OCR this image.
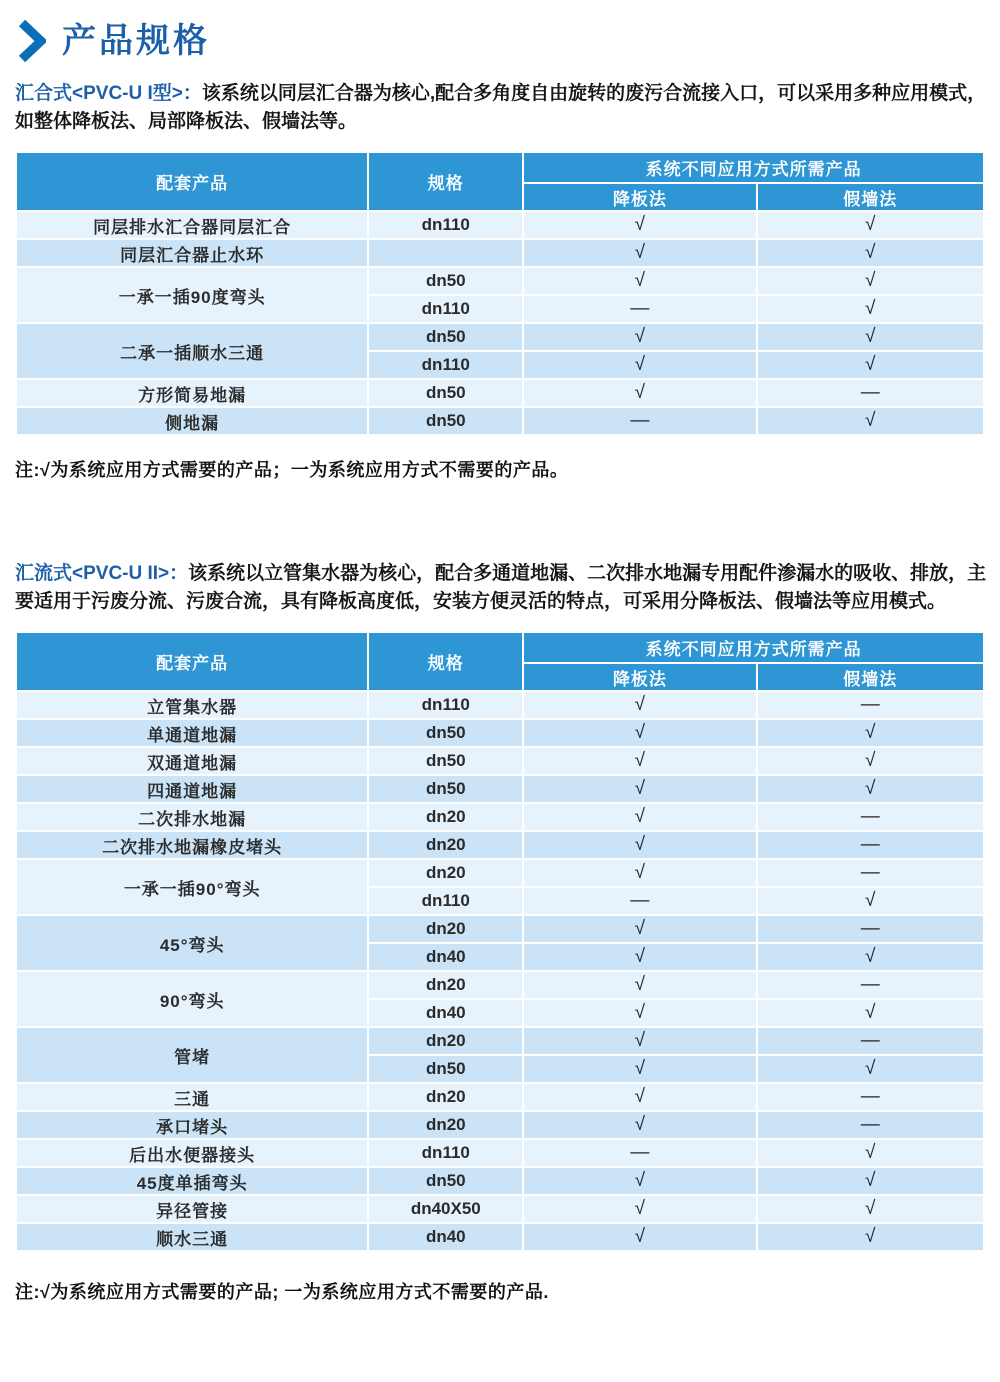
产品规格

汇合式<PVC-U I型>：该系统以同层汇合器为核心,配合多角度自由旋转的废污合流接入口，可以采用多种应用模式，如整体降板法、局部降板法、假墙法等。

配套产品	规格	系统不同应用方式所需产品	
		降板法	假墙法
同层排水汇合器同层汇合	dn110	√	√
同层汇合器止水环		√	√
一承一插90度弯头	dn50	√	√
	dn110	—	√
二承一插顺水三通	dn50	√	√
	dn110	√	√
方形简易地漏	dn50	√	—
侧地漏	dn50	—	√

注:√为系统应用方式需要的产品；一为系统应用方式不需要的产品。

汇流式<PVC-U II>：该系统以立管集水器为核心，配合多通道地漏、二次排水地漏专用配件渗漏水的吸收、排放，主要适用于污废分流、污废合流，具有降板高度低，安装方便灵活的特点，可采用分降板法、假墙法等应用模式。

配套产品	规格	系统不同应用方式所需产品	
		降板法	假墙法
立管集水器	dn110	√	—
单通道地漏	dn50	√	√
双通道地漏	dn50	√	√
四通道地漏	dn50	√	√
二次排水地漏	dn20	√	—
二次排水地漏橡皮堵头	dn20	√	—
一承一插90°弯头	dn20	√	—
	dn110	—	√
45°弯头	dn20	√	—
	dn40	√	√
90°弯头	dn20	√	—
	dn40	√	√
管堵	dn20	√	—
	dn50	√	√
三通	dn20	√	—
承口堵头	dn20	√	—
后出水便器接头	dn110	—	√
45度单插弯头	dn50	√	√
异径管接	dn40X50	√	√
顺水三通	dn40	√	√

注:√为系统应用方式需要的产品; 一为系统应用方式不需要的产品.
